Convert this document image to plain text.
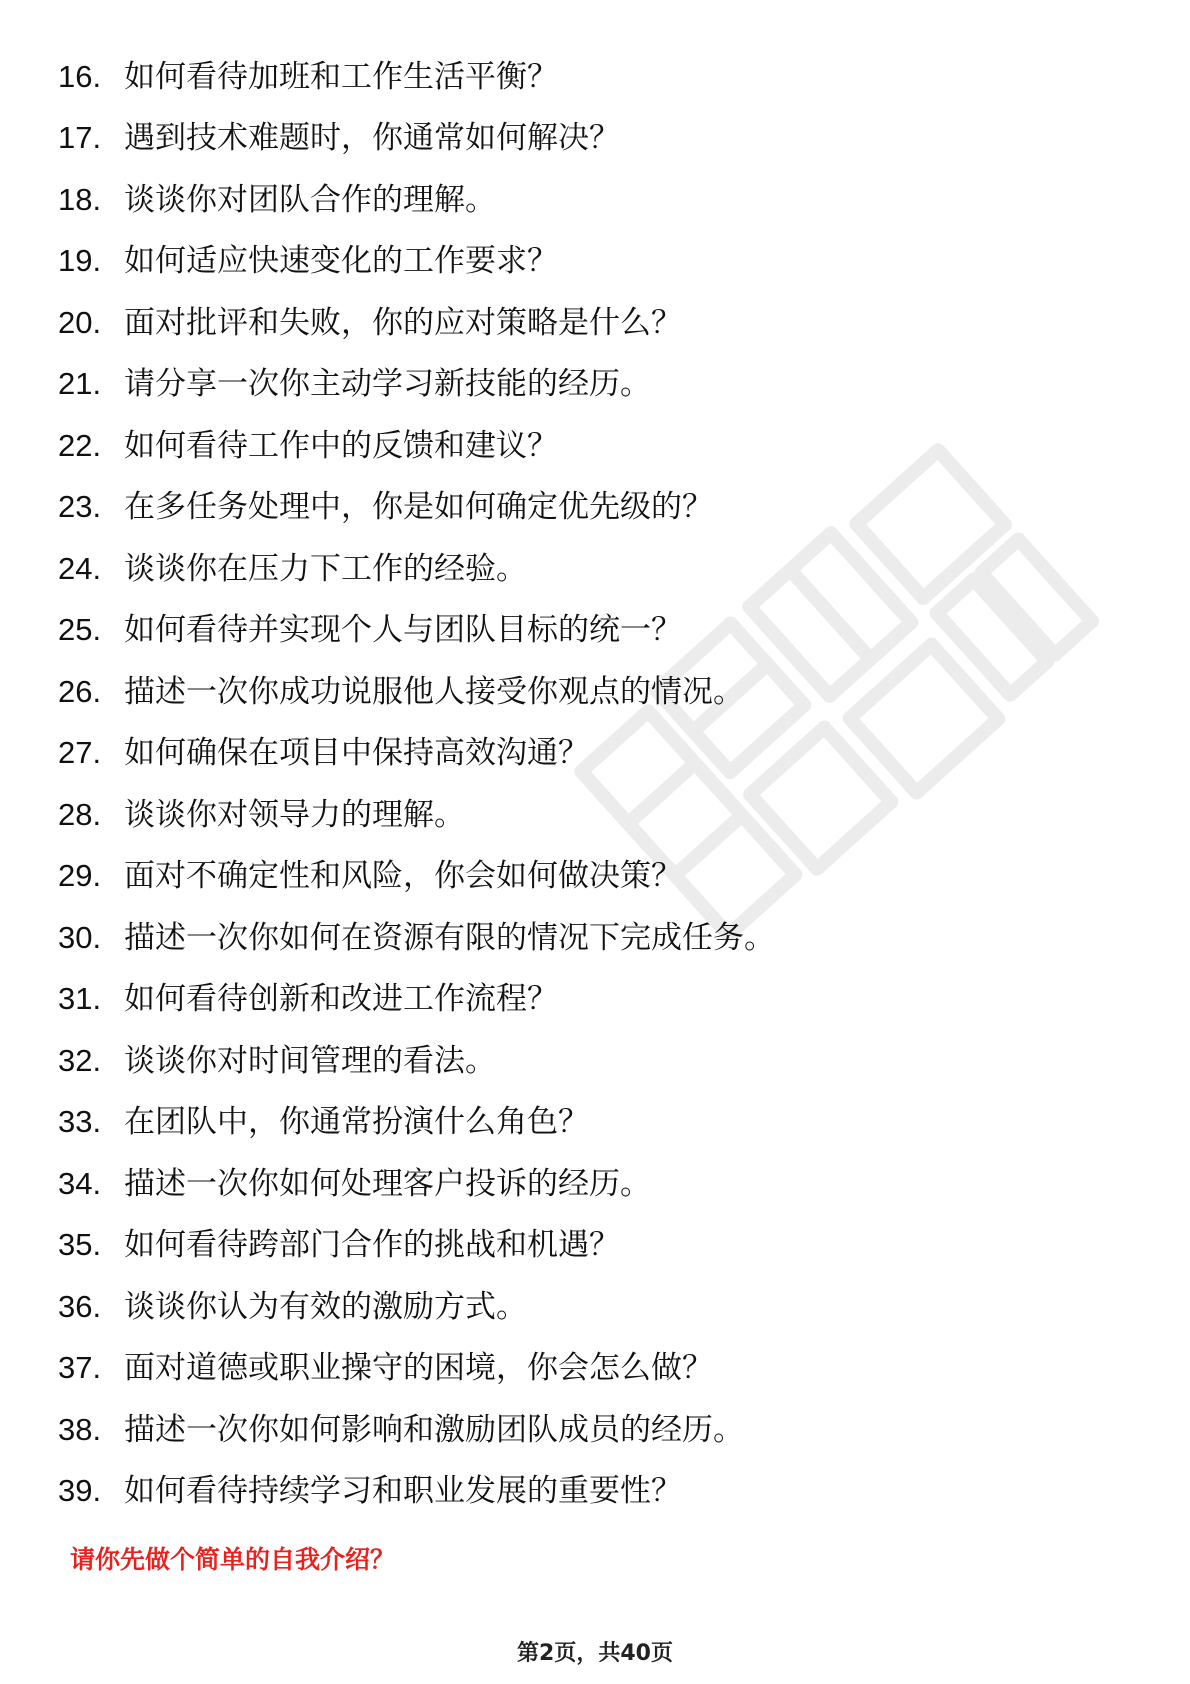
16. 如何看待加班和工作生活平衡？
17. 遇到技术难题时，你通常如何解决？
18. 谈谈你对团队合作的理解。
19. 如何适应快速变化的工作要求？
20. 面对批评和失败，你的应对策略是什么？
21. 请分享一次你主动学习新技能的经历。
22. 如何看待工作中的反馈和建议？
23. 在多任务处理中，你是如何确定优先级的？
24. 谈谈你在压力下工作的经验。
25. 如何看待并实现个人与团队目标的统一？
26. 描述一次你成功说服他人接受你观点的情况。
27. 如何确保在项目中保持高效沟通？
28. 谈谈你对领导力的理解。
29. 面对不确定性和风险，你会如何做决策？
30. 描述一次你如何在资源有限的情况下完成任务。
31. 如何看待创新和改进工作流程？
32. 谈谈你对时间管理的看法。
33. 在团队中，你通常扮演什么角色？
34. 描述一次你如何处理客户投诉的经历。
35. 如何看待跨部门合作的挑战和机遇？
36. 谈谈你认为有效的激励方式。
37. 面对道德或职业操守的困境，你会怎么做？
38. 描述一次你如何影响和激励团队成员的经历。
39. 如何看待持续学习和职业发展的重要性？
请你先做个简单的自我介绍？
第2页，共40页
